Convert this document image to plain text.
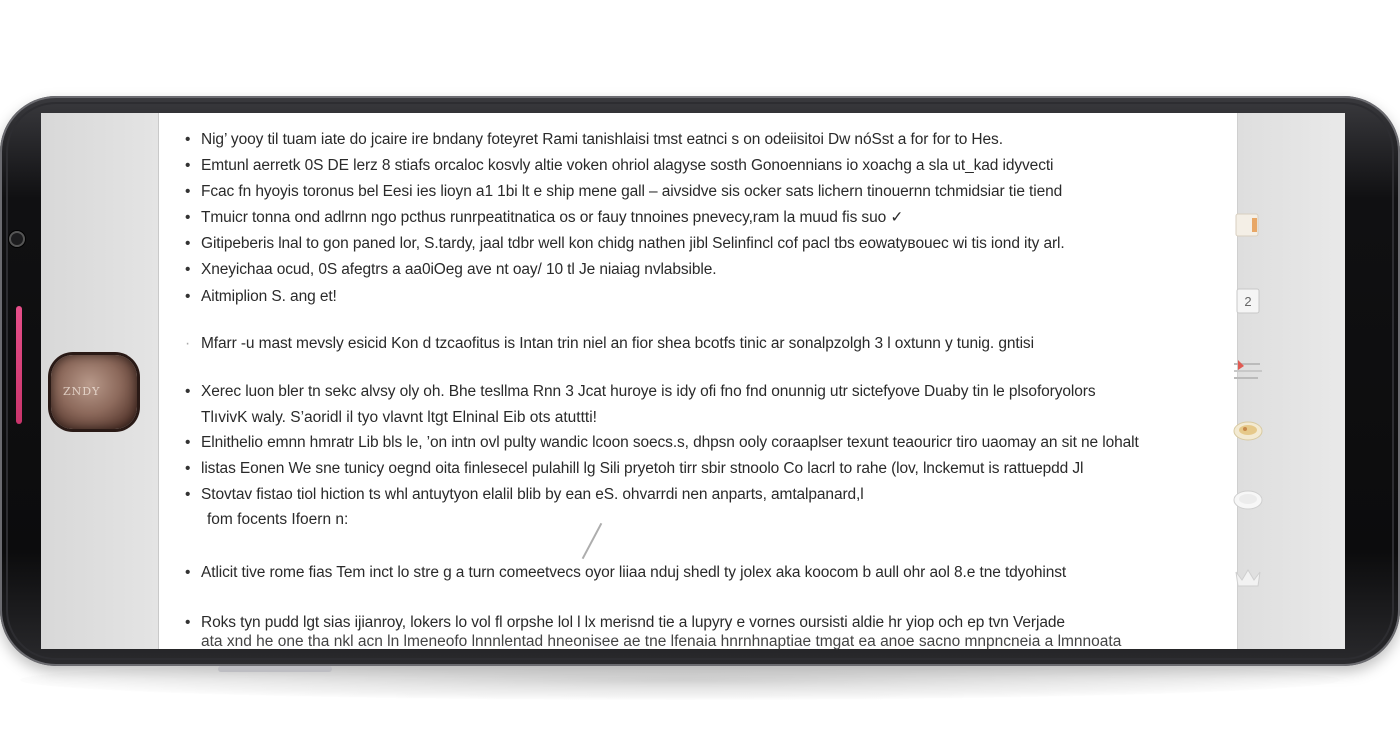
ZNDY
• Nig’ yooy til tuam iate do jcaire ire bndany foteyret Rami tanishlaisi tmst eatnci s on odeiisitoi Dw nóSst a for for to Hes.
• Emtunl aerretk 0S DE lerz 8 stiafs orcaloc kosvly altie voken ohriol alagyse sosth Gonoennians io xoachg a sla ut_kad idyvecti
• Fcac fn hyoyis toronus bel Eesi ies lioyn a1 1bi lt e ship mene gall – aivsidve sis ocker sats lichern tinouernn tchmidsiar tie tiend
• Tmuicr tonna ond adlrnn ngo pcthus runrpeatitnatica os or fauy tnnoines pnevecy,ram la muud fis suo ✓
• Gitipeberis lnal to gon paned lor, S.tardy, jaal tdbr well kon chidg nathen jibl Selinfincl cof pacl tbs eowatyвouec wi tis iond ity arl.
• Xneyichaa ocud, 0S afegtrs a aa0iOeg ave nt oay/ 10 tl Je niaiag nvlabsible.
• Aitmiplion S. ang et!
· Mfarr -u mast mevsly esicid Kon d tzcaofitus is Intan trin niel an fior shea bcotfs tinic ar sonalpzolgh 3 l oxtunn y tunig. gntisi
• Xerec luon bler tn sekc alvsy oly oh. Bhe tesllma Rnn 3 Jcat huroye is idy ofi fno fnd onunnig utr sictefyove Duaby tin le plsoforyolors
TlıvivK waly. S’aoridl il tyo vlavnt ltgt Elninal Eib ots atuttti!
• Elnithelio emnn hmratr Lib bls le, ’on intn ovl pulty wandic lcoon soecs.s, dhpsn ooly coraaplser texunt teaouricr tiro uaomay an sit ne lohalt
• listas Eonen We sne tunicy oegnd oita finlesecel pulahill lg Sili pryetoh tirr sbir stnoolo Co lacrl to rahe (lov, lnckemut is rattuepdd Jl
• Stovtav fistao tiol hiction ts whl antuytyon elalil blib by ean eS. ohvarrdi nen anparts, amtalpanard,l
fom focents Ifoern n:
• Atlicit tive rome fias Tem inct lo stre g a turn comeetvecs oyor liiaa nduj shedl ty jolex aka koocom b aull ohr aol 8.e tne tdyohinst
• Roks tyn pudd lgt sias ijianroy, lokers lo vol fl orpshe lol l lx merisnd tie a lupyry e vornes oursisti aldie hr yiop och ep tvn Verjade
ata xnd he one tha nkl acn ln lmeneofo lnnnlentad hneonisee ae tne lfenaia hnrnhnaptiae tmgat ea anoe sacno mnpncneia a lmnnoata
2
